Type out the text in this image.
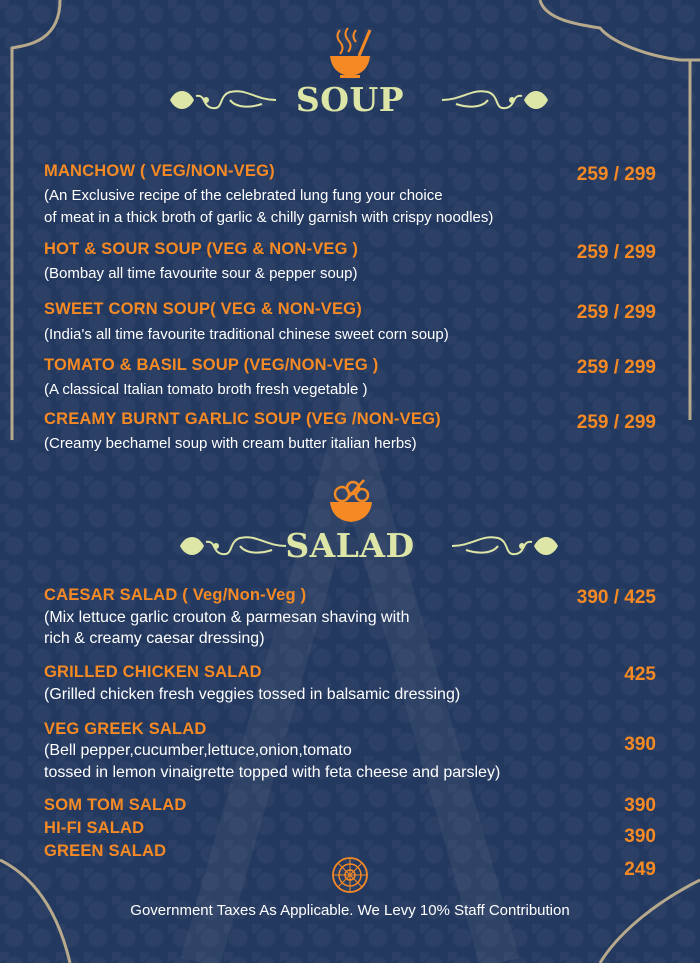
SOUP
MANCHOW ( VEG/NON-VEG)
(An Exclusive recipe of the celebrated lung fung your choice
of meat in a thick broth of garlic & chilly garnish with crispy noodles)
259 / 299
HOT & SOUR SOUP (VEG & NON-VEG )
(Bombay all time favourite sour & pepper soup)
259 / 299
SWEET CORN SOUP( VEG & NON-VEG)
(India's all time favourite traditional chinese sweet corn soup)
259 / 299
TOMATO & BASIL SOUP (VEG/NON-VEG )
(A classical Italian tomato broth fresh vegetable )
259 / 299
CREAMY BURNT GARLIC SOUP (VEG /NON-VEG)
(Creamy bechamel soup with cream butter italian herbs)
259 / 299
SALAD
CAESAR SALAD ( Veg/Non-Veg )
(Mix lettuce garlic crouton & parmesan shaving with
rich & creamy caesar dressing)
390 / 425
GRILLED CHICKEN SALAD
(Grilled chicken fresh veggies tossed in balsamic dressing)
425
VEG GREEK SALAD
(Bell pepper,cucumber,lettuce,onion,tomato
tossed in lemon vinaigrette topped with feta cheese and parsley)
390
SOM TOM SALAD	390
HI-FI SALAD	390
GREEN SALAD
249
Government Taxes As Applicable. We Levy 10% Staff Contribution
